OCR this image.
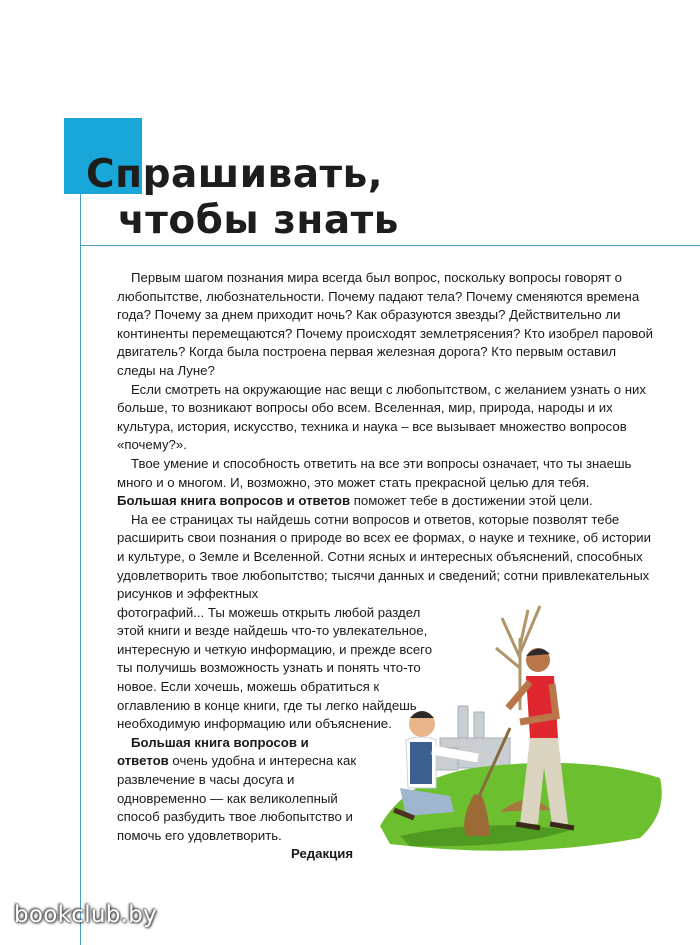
Спрашивать,
чтобы знать

Первым шагом познания мира всегда был вопрос, поскольку вопросы говорят о любопытстве, любознательности. Почему падают тела? Почему сменяются времена года? Почему за днем приходит ночь? Как образуются звезды? Действительно ли континенты перемещаются? Почему происходят землетрясения? Кто изобрел паровой двигатель? Когда была построена первая железная дорога? Кто первым оставил следы на Луне?

Если смотреть на окружающие нас вещи с любопытством, с желанием узнать о них больше, то возникают вопросы обо всем. Вселенная, мир, природа, народы и их культура, история, искусство, техника и наука – все вызывает множество вопросов «почему?».

Твое умение и способность ответить на все эти вопросы означает, что ты знаешь много и о многом. И, возможно, это может стать прекрасной целью для тебя.

Большая книга вопросов и ответов поможет тебе в достижении этой цели.

На ее страницах ты найдешь сотни вопросов и ответов, которые позволят тебе расширить свои познания о природе во всех ее формах, о науке и технике, об истории и культуре, о Земле и Вселенной. Сотни ясных и интересных объяснений, способных удовлетворить твое любопытство; тысячи данных и сведений; сотни привлекательных рисунков и эффектных

фотографий... Ты можешь открыть любой раздел этой книги и везде найдешь что-то увлекательное, интересную и четкую информацию, и прежде всего ты получишь возможность узнать и понять что-то новое. Если хочешь, можешь обратиться к оглавлению в конце книги, где ты легко найдешь необходимую информацию или объяснение.

Большая книга вопросов и ответов очень удобна и интересна как развлечение в часы досуга и одновременно — как великолепный способ разбудить твое любопытство и помочь его удовлетворить.

Редакция
bookclub.by
